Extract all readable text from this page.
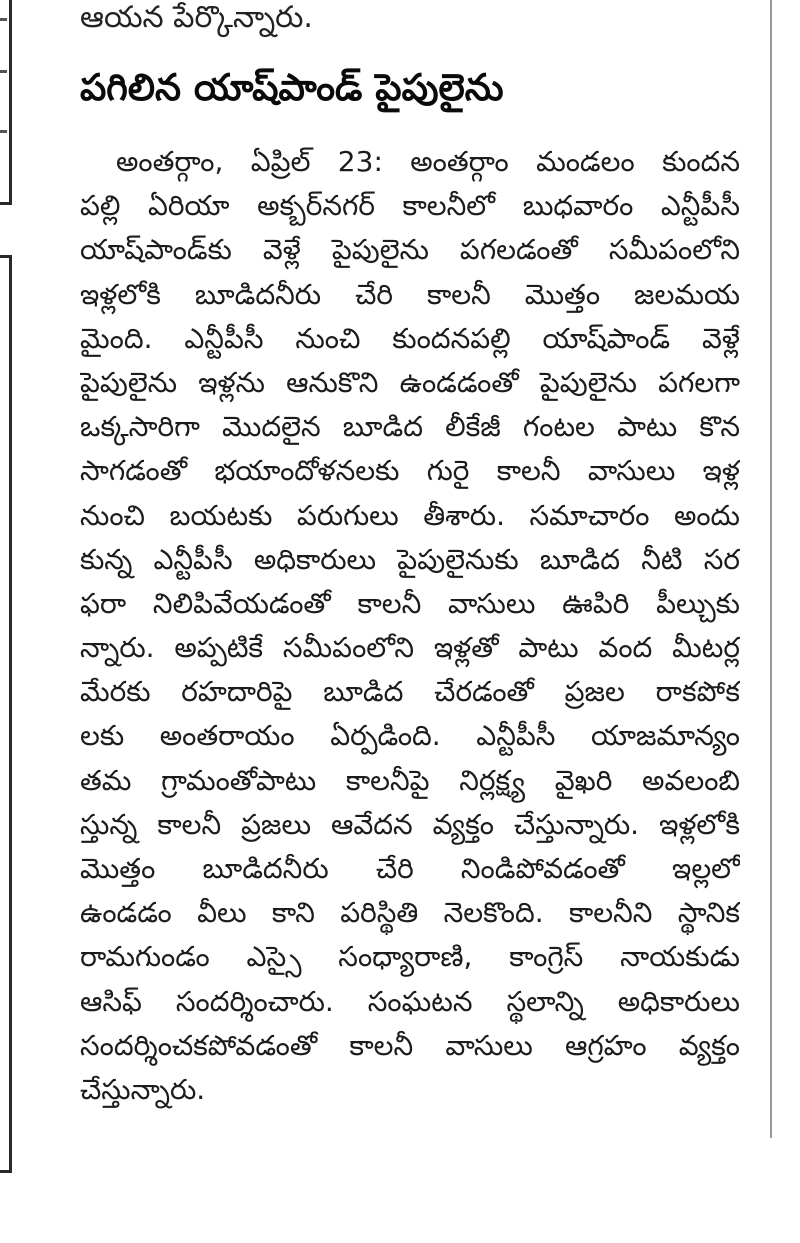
ఆయన పేర్కొన్నారు.
పగిలిన యాష్‌పాండ్ పైపులైను
అంతర్గాం, ఏప్రిల్ 23: అంతర్గాం మండలం కుందన
పల్లి ఏరియా అక్బర్‌నగర్ కాలనీలో బుధవారం ఎన్టీపీసీ
యాష్‌పాండ్‌కు వెళ్లే పైపులైను పగలడంతో సమీపంలోని
ఇళ్లలోకి బూడిదనీరు చేరి కాలనీ మొత్తం జలమయ
మైంది. ఎన్టీపీసీ నుంచి కుందనపల్లి యాష్‌పాండ్ వెళ్లే
పైపులైను ఇళ్లను ఆనుకొని ఉండడంతో పైపులైను పగలగా
ఒక్కసారిగా మొదలైన బూడిద లీకేజీ గంటల పాటు కొన
సాగడంతో భయాందోళనలకు గురై కాలనీ వాసులు ఇళ్ల
నుంచి బయటకు పరుగులు తీశారు. సమాచారం అందు
కున్న ఎన్టీపీసీ అధికారులు పైపులైనుకు బూడిద నీటి సర
ఫరా నిలిపివేయడంతో కాలనీ వాసులు ఊపిరి పీల్చుకు
న్నారు. అప్పటికే సమీపంలోని ఇళ్లతో పాటు వంద మీటర్ల
మేరకు రహదారిపై బూడిద చేరడంతో ప్రజల రాకపోక
లకు అంతరాయం ఏర్పడింది. ఎన్టీపీసీ యాజమాన్యం
తమ గ్రామంతోపాటు కాలనీపై నిర్లక్ష్య వైఖరి అవలంబి
స్తున్న కాలనీ ప్రజలు ఆవేదన వ్యక్తం చేస్తున్నారు. ఇళ్లలోకి
మొత్తం బూడిదనీరు చేరి నిండిపోవడంతో ఇల్లలో
ఉండడం వీలు కాని పరిస్థితి నెలకొంది. కాలనీని స్థానిక
రామగుండం ఎస్సై సంధ్యారాణి, కాంగ్రెస్ నాయకుడు
ఆసిఫ్ సందర్శించారు. సంఘటన స్థలాన్ని అధికారులు
సందర్శించకపోవడంతో కాలనీ వాసులు ఆగ్రహం వ్యక్తం
చేస్తున్నారు.
